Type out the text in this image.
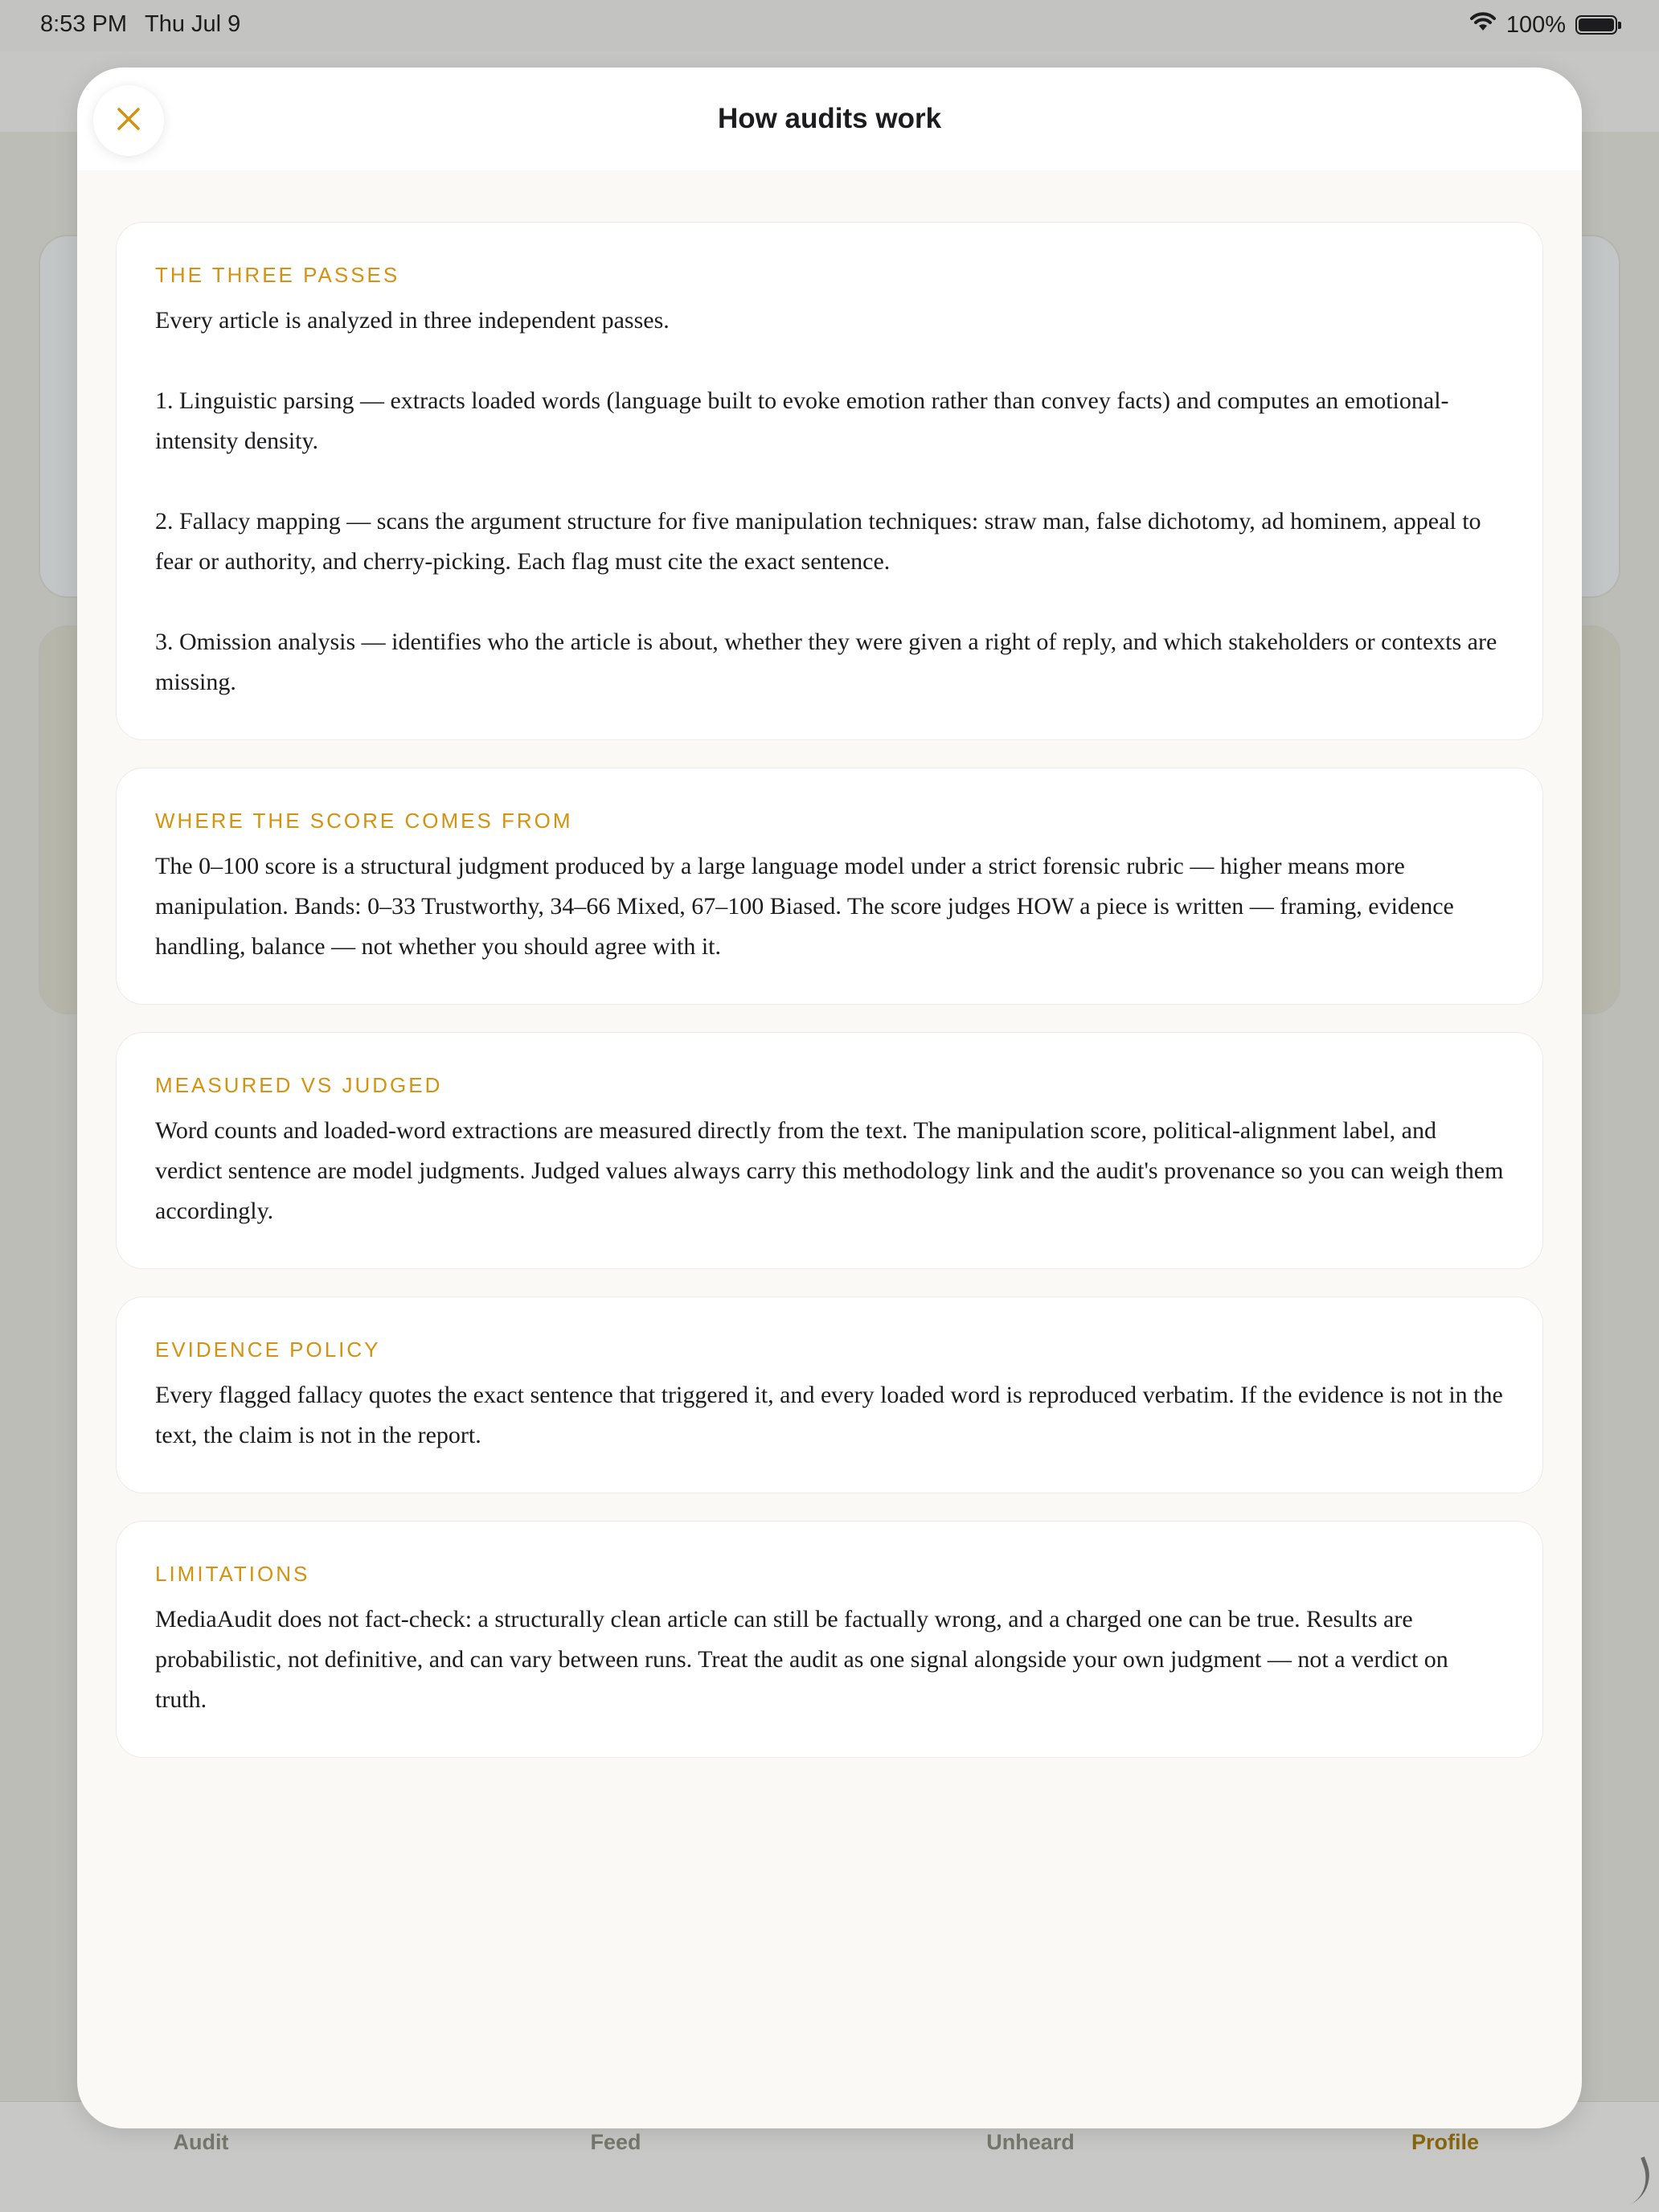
8:53 PM Thu Jul 9	100%
Audit	Feed	Unheard	Profile
How audits work
THE THREE PASSES

Every article is analyzed in three independent passes.

1. Linguistic parsing — extracts loaded words (language built to evoke emotion rather than convey facts) and computes an emotional-intensity density.

2. Fallacy mapping — scans the argument structure for five manipulation techniques: straw man, false dichotomy, ad hominem, appeal to fear or authority, and cherry-picking. Each flag must cite the exact sentence.

3. Omission analysis — identifies who the article is about, whether they were given a right of reply, and which stakeholders or contexts are missing.

WHERE THE SCORE COMES FROM

The 0–100 score is a structural judgment produced by a large language model under a strict forensic rubric — higher means more manipulation. Bands: 0–33 Trustworthy, 34–66 Mixed, 67–100 Biased. The score judges HOW a piece is written — framing, evidence handling, balance — not whether you should agree with it.

MEASURED VS JUDGED

Word counts and loaded-word extractions are measured directly from the text. The manipulation score, political-alignment label, and verdict sentence are model judgments. Judged values always carry this methodology link and the audit's provenance so you can weigh them accordingly.

EVIDENCE POLICY

Every flagged fallacy quotes the exact sentence that triggered it, and every loaded word is reproduced verbatim. If the evidence is not in the text, the claim is not in the report.

LIMITATIONS

MediaAudit does not fact-check: a structurally clean article can still be factually wrong, and a charged one can be true. Results are probabilistic, not definitive, and can vary between runs. Treat the audit as one signal alongside your own judgment — not a verdict on truth.
